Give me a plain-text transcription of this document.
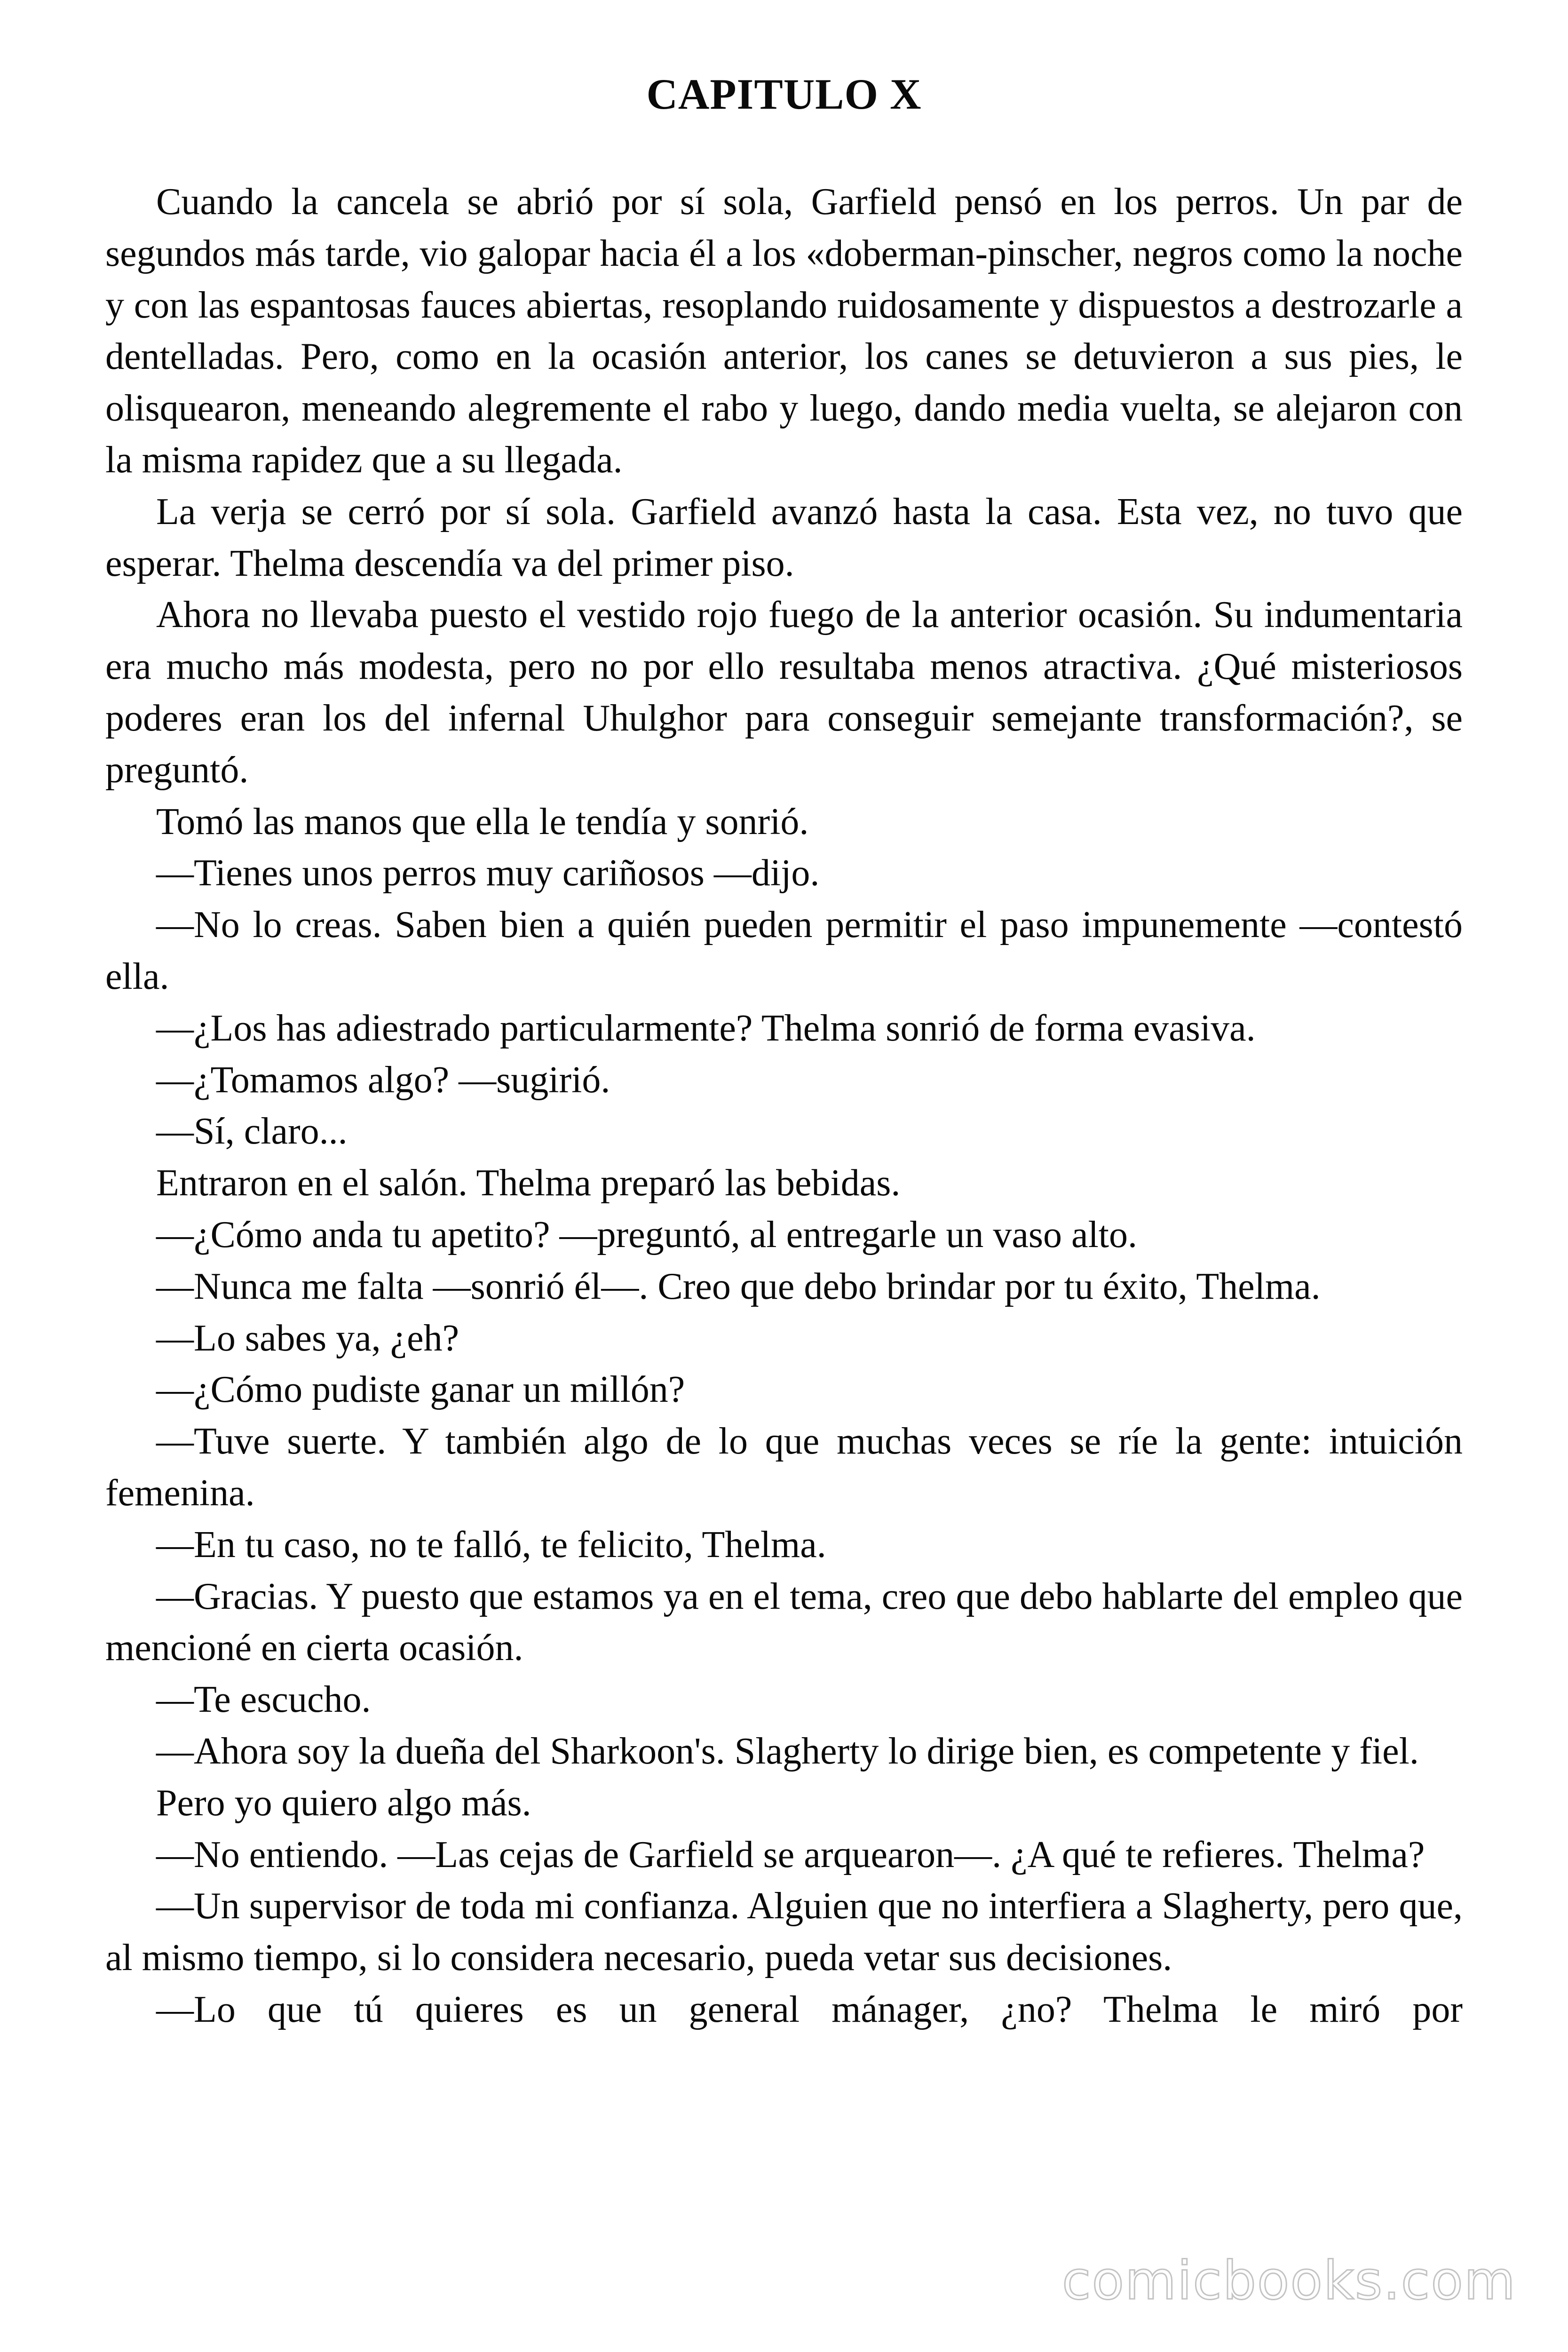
CAPITULO X

Cuando la cancela se abrió por sí sola, Garfield pensó en los perros. Un par de segundos más tarde, vio galopar hacia él a los «doberman-pinscher, negros como la noche y con las espantosas fauces abiertas, resoplando ruidosamente y dispuestos a destrozarle a dentelladas. Pero, como en la ocasión anterior, los canes se detuvieron a sus pies, le olisquearon, meneando alegremente el rabo y luego, dando media vuelta, se alejaron con la misma rapidez que a su llegada.

La verja se cerró por sí sola. Garfield avanzó hasta la casa. Esta vez, no tuvo que esperar. Thelma descendía va del primer piso.

Ahora no llevaba puesto el vestido rojo fuego de la anterior ocasión. Su indumentaria era mucho más modesta, pero no por ello resultaba menos atractiva. ¿Qué misteriosos poderes eran los del infernal Uhulghor para conseguir semejante transformación?, se preguntó.

Tomó las manos que ella le tendía y sonrió.

—Tienes unos perros muy cariñosos —dijo.

—No lo creas. Saben bien a quién pueden permitir el paso impunemente —contestó ella.

—¿Los has adiestrado particularmente? Thelma sonrió de forma evasiva.

—¿Tomamos algo? —sugirió.

—Sí, claro...

Entraron en el salón. Thelma preparó las bebidas.

—¿Cómo anda tu apetito? —preguntó, al entregarle un vaso alto.

—Nunca me falta —sonrió él—. Creo que debo brindar por tu éxito, Thelma.

—Lo sabes ya, ¿eh?

—¿Cómo pudiste ganar un millón?

—Tuve suerte. Y también algo de lo que muchas veces se ríe la gente: intuición femenina.

—En tu caso, no te falló, te felicito, Thelma.

—Gracias. Y puesto que estamos ya en el tema, creo que debo hablarte del empleo que mencioné en cierta ocasión.

—Te escucho.

—Ahora soy la dueña del Sharkoon's. Slagherty lo dirige bien, es competente y fiel.

Pero yo quiero algo más.

—No entiendo. —Las cejas de Garfield se arquearon—. ¿A qué te refieres. Thelma?

—Un supervisor de toda mi confianza. Alguien que no interfiera a Slagherty, pero que, al mismo tiempo, si lo considera necesario, pueda vetar sus decisiones.

—Lo que tú quieres es un general mánager, ¿no? Thelma le miró por

comicbooks.com
